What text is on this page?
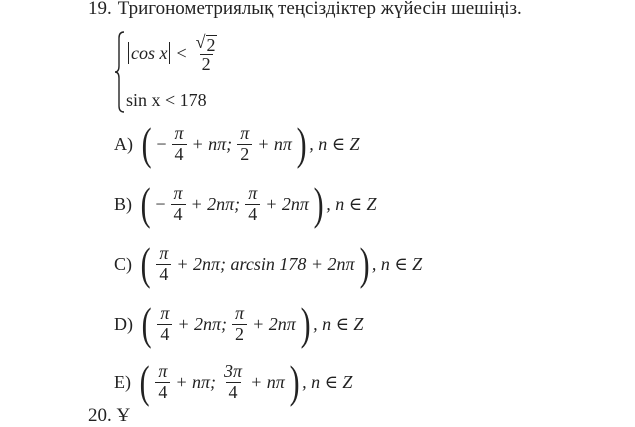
19. Тригонометриялық теңсіздіктер жүйесін шешіңіз.
$\cos x < \frac{√ 2}{2}$
sin x < 178
A) ( − $\frac{\pi}{4} + n\pi$; $\frac{\pi}{2} + n\pi$ ) , n ∈ Z
B) ( − $\frac{\pi}{4} + 2n\pi$; $\frac{\pi}{4} + 2n\pi$ ) , n ∈ Z
C) ( $\frac{\pi}{4} + 2n\pi$; arcsin 178 + 2nπ ) , n ∈ Z
D) ( $\frac{\pi}{4} + 2n\pi$; $\frac{\pi}{2} + 2n\pi$ ) , n ∈ Z
E) ( $\frac{\pi}{4} + n\pi$; $\frac{3\pi}{4} + n\pi$ ) , n ∈ Z
20. Ұ
